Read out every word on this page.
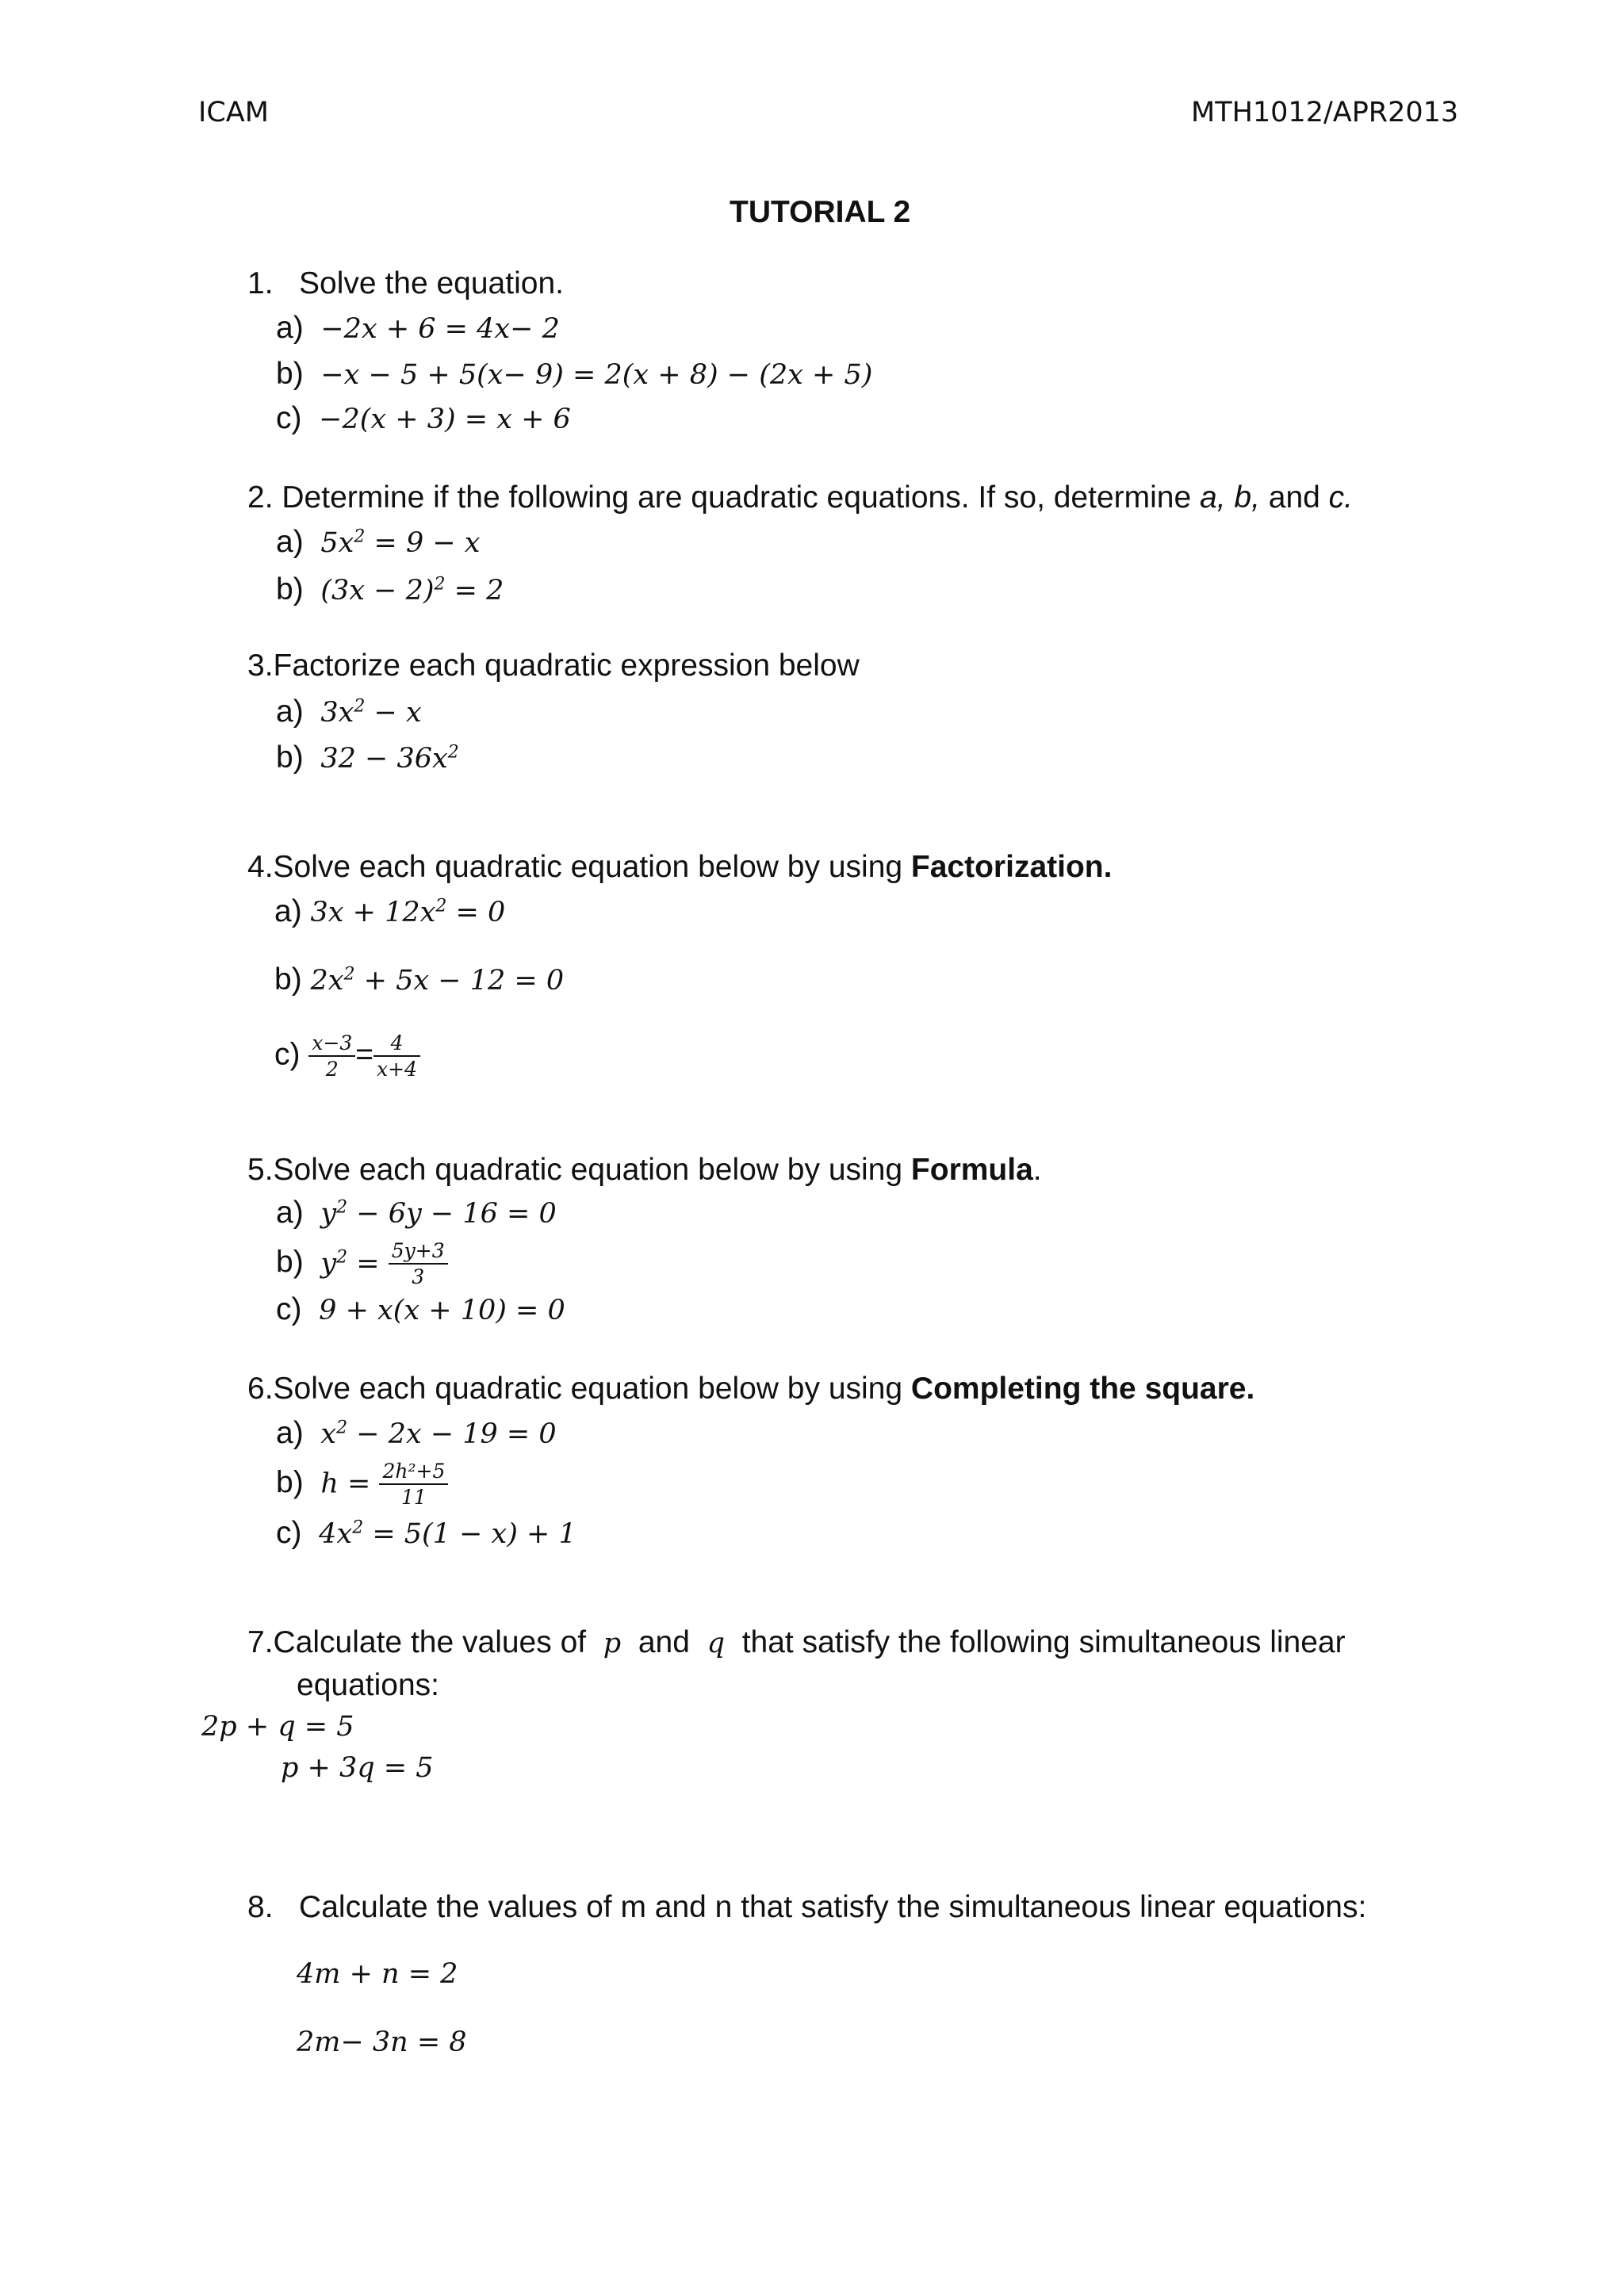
ICAM	MTH1012/APR2013
TUTORIAL 2
1. Solve the equation.
a) −2x + 6 = 4x− 2
b) −x − 5 + 5(x− 9) = 2(x + 8) − (2x + 5)
c) −2(x + 3) = x + 6
2. Determine if the following are quadratic equations. If so, determine a, b, and c.
a) $5x^2 = 9 - x$
b) $(3x - 2)^2 = 2$
3.Factorize each quadratic expression below
a) $3x^2 - x$
b) $32 - 36x^2$
4.Solve each quadratic equation below by using Factorization.
a) $3x + 12x^2 = 0$
b) $2x^2 + 5x - 12 = 0$
$c) \frac{x-3}{2} = \frac{4}{x+4}$
5.Solve each quadratic equation below by using Formula.
a) $y^2 - 6y - 16 = 0$
b) $y^2 = \frac{5y+3}{3}$
c) 9 + x(x + 10) = 0
6.Solve each quadratic equation below by using Completing the square.
a) $x^2 - 2x - 19 = 0$
b) $h = \frac{\text{2h²+5}}{11}$
c) $4x^2 = 5(1 - x) + 1$
7.Calculate the values of p and q that satisfy the following simultaneous linear
equations:
2p + q = 5
p + 3q = 5
8. Calculate the values of m and n that satisfy the simultaneous linear equations:
4m + n = 2
2m− 3n = 8
